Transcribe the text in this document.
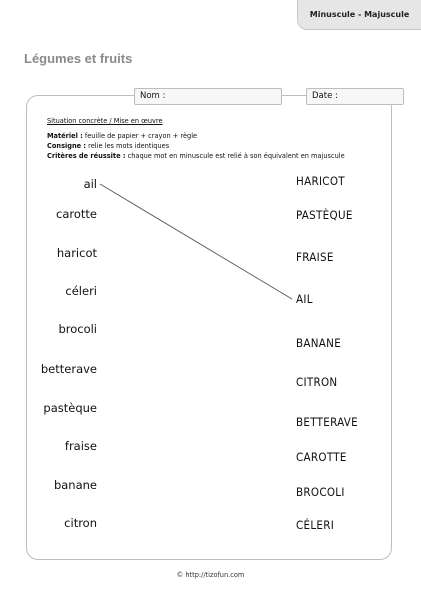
Minuscule - Majuscule
Légumes et fruits
Nom :	Date :
Situation concrète / Mise en œuvre
Matériel : feuille de papier + crayon + règle
Consigne : relie les mots identiques
Critères de réussite : chaque mot en minuscule est relié à son équivalent en majuscule
ail
carotte
haricot
céleri
brocoli
betterave
pastèque
fraise
banane
citron
HARICOT
PASTÈQUE
FRAISE
AIL
BANANE
CITRON
BETTERAVE
CAROTTE
BROCOLI
CÉLERI
© http://tizofun.com
